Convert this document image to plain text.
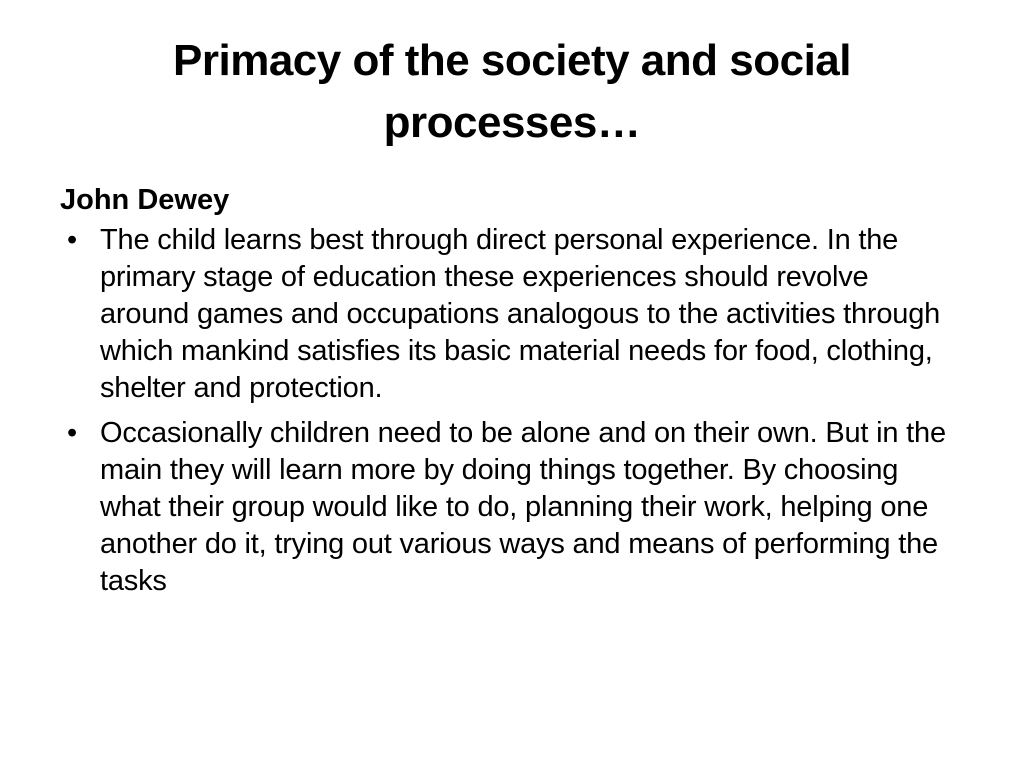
Primacy of the society and social processes…
John Dewey
• The child learns best through direct personal experience. In the primary stage of education these experiences should revolve around games and occupations analogous to the activities through which mankind satisfies its basic material needs for food, clothing, shelter and protection.
• Occasionally children need to be alone and on their own. But in the main they will learn more by doing things together. By choosing what their group would like to do, planning their work, helping one another do it, trying out various ways and means of performing the tasks
